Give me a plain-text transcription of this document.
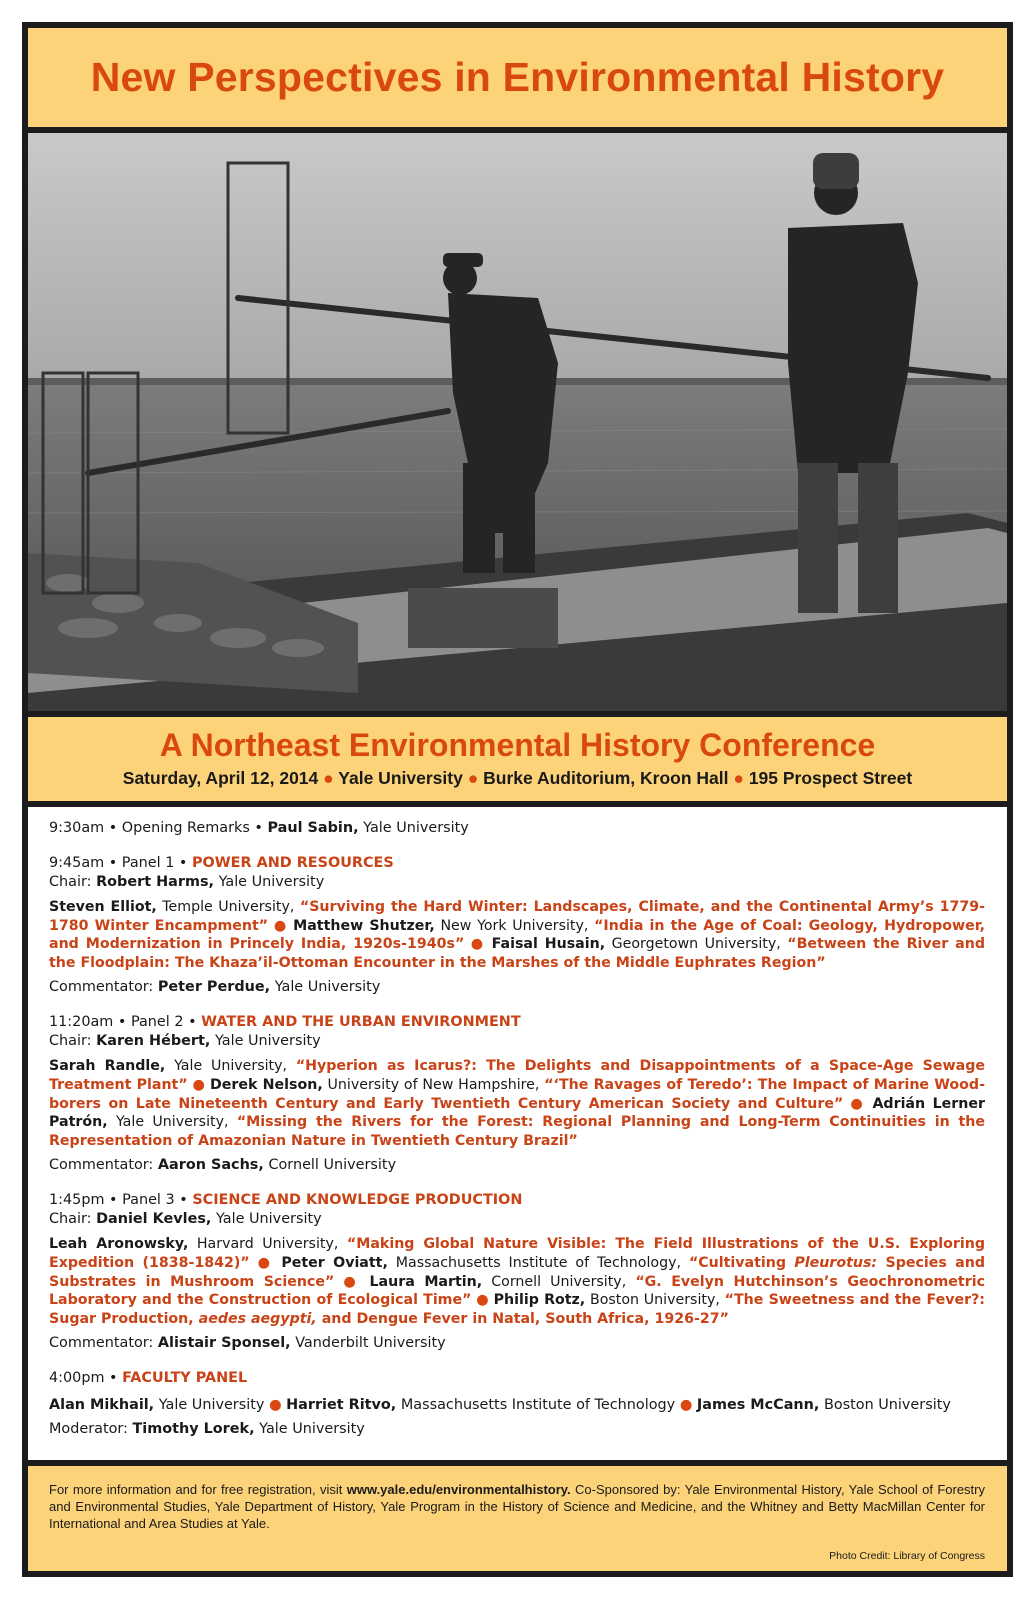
New Perspectives in Environmental History
A Northeast Environmental History Conference
Saturday, April 12, 2014 ● Yale University ● Burke Auditorium, Kroon Hall ● 195 Prospect Street
9:30am • Opening Remarks • Paul Sabin, Yale University
9:45am • Panel 1 • POWER AND RESOURCES
Chair: Robert Harms, Yale University
Steven Elliot, Temple University, “Surviving the Hard Winter: Landscapes, Climate, and the Continental Army’s 1779-1780 Winter Encampment” ● Matthew Shutzer, New York University, “India in the Age of Coal: Geology, Hydropower, and Modernization in Princely India, 1920s-1940s” ● Faisal Husain, Georgetown University, “Between the River and the Floodplain: The Khaza’il-Ottoman Encounter in the Marshes of the Middle Euphrates Region”
Commentator: Peter Perdue, Yale University
11:20am • Panel 2 • WATER AND THE URBAN ENVIRONMENT
Chair: Karen Hébert, Yale University
Sarah Randle, Yale University, “Hyperion as Icarus?: The Delights and Disappointments of a Space-Age Sewage Treatment Plant” ● Derek Nelson, University of New Hampshire, “‘The Ravages of Teredo’: The Impact of Marine Wood-borers on Late Nineteenth Century and Early Twentieth Century American Society and Culture” ● Adrián Lerner Patrón, Yale University, “Missing the Rivers for the Forest: Regional Planning and Long-Term Continuities in the Representation of Amazonian Nature in Twentieth Century Brazil”
Commentator: Aaron Sachs, Cornell University
1:45pm • Panel 3 • SCIENCE AND KNOWLEDGE PRODUCTION
Chair: Daniel Kevles, Yale University
Leah Aronowsky, Harvard University, “Making Global Nature Visible: The Field Illustrations of the U.S. Exploring Expedition (1838-1842)” ● Peter Oviatt, Massachusetts Institute of Technology, “Cultivating Pleurotus: Species and Substrates in Mushroom Science” ● Laura Martin, Cornell University, “G. Evelyn Hutchinson’s Geochronometric Laboratory and the Construction of Ecological Time” ● Philip Rotz, Boston University, “The Sweetness and the Fever?: Sugar Production, aedes aegypti, and Dengue Fever in Natal, South Africa, 1926-27”
Commentator: Alistair Sponsel, Vanderbilt University
4:00pm • FACULTY PANEL
Alan Mikhail, Yale University ● Harriet Ritvo, Massachusetts Institute of Technology ● James McCann, Boston University
Moderator: Timothy Lorek, Yale University
For more information and for free registration, visit www.yale.edu/environmentalhistory. Co-Sponsored by: Yale Environmental History, Yale School of Forestry and Environmental Studies, Yale Department of History, Yale Program in the History of Science and Medicine, and the Whitney and Betty MacMillan Center for International and Area Studies at Yale.
Photo Credit: Library of Congress
